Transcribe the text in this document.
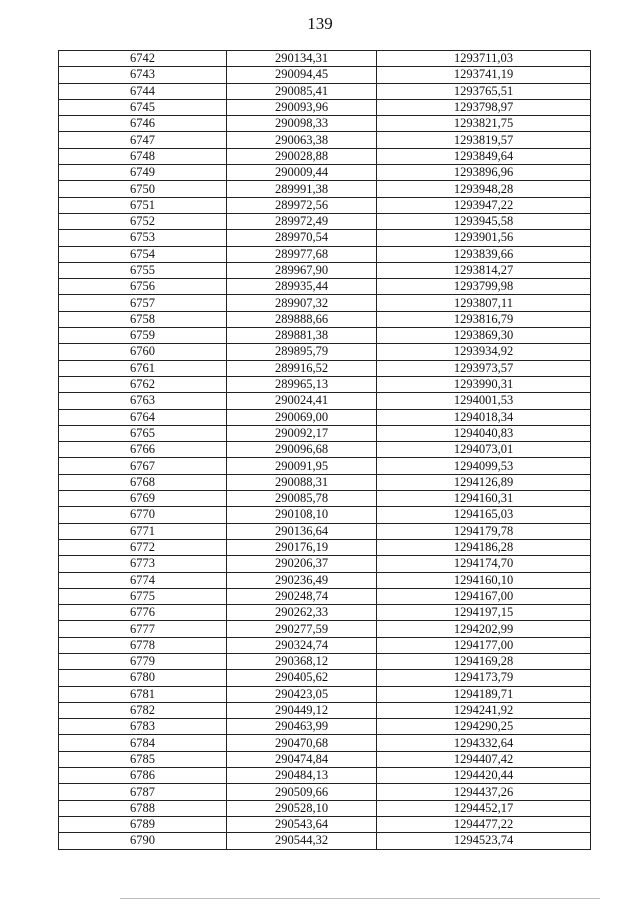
139
6742	290134,31	1293711,03
6743	290094,45	1293741,19
6744	290085,41	1293765,51
6745	290093,96	1293798,97
6746	290098,33	1293821,75
6747	290063,38	1293819,57
6748	290028,88	1293849,64
6749	290009,44	1293896,96
6750	289991,38	1293948,28
6751	289972,56	1293947,22
6752	289972,49	1293945,58
6753	289970,54	1293901,56
6754	289977,68	1293839,66
6755	289967,90	1293814,27
6756	289935,44	1293799,98
6757	289907,32	1293807,11
6758	289888,66	1293816,79
6759	289881,38	1293869,30
6760	289895,79	1293934,92
6761	289916,52	1293973,57
6762	289965,13	1293990,31
6763	290024,41	1294001,53
6764	290069,00	1294018,34
6765	290092,17	1294040,83
6766	290096,68	1294073,01
6767	290091,95	1294099,53
6768	290088,31	1294126,89
6769	290085,78	1294160,31
6770	290108,10	1294165,03
6771	290136,64	1294179,78
6772	290176,19	1294186,28
6773	290206,37	1294174,70
6774	290236,49	1294160,10
6775	290248,74	1294167,00
6776	290262,33	1294197,15
6777	290277,59	1294202,99
6778	290324,74	1294177,00
6779	290368,12	1294169,28
6780	290405,62	1294173,79
6781	290423,05	1294189,71
6782	290449,12	1294241,92
6783	290463,99	1294290,25
6784	290470,68	1294332,64
6785	290474,84	1294407,42
6786	290484,13	1294420,44
6787	290509,66	1294437,26
6788	290528,10	1294452,17
6789	290543,64	1294477,22
6790	290544,32	1294523,74
